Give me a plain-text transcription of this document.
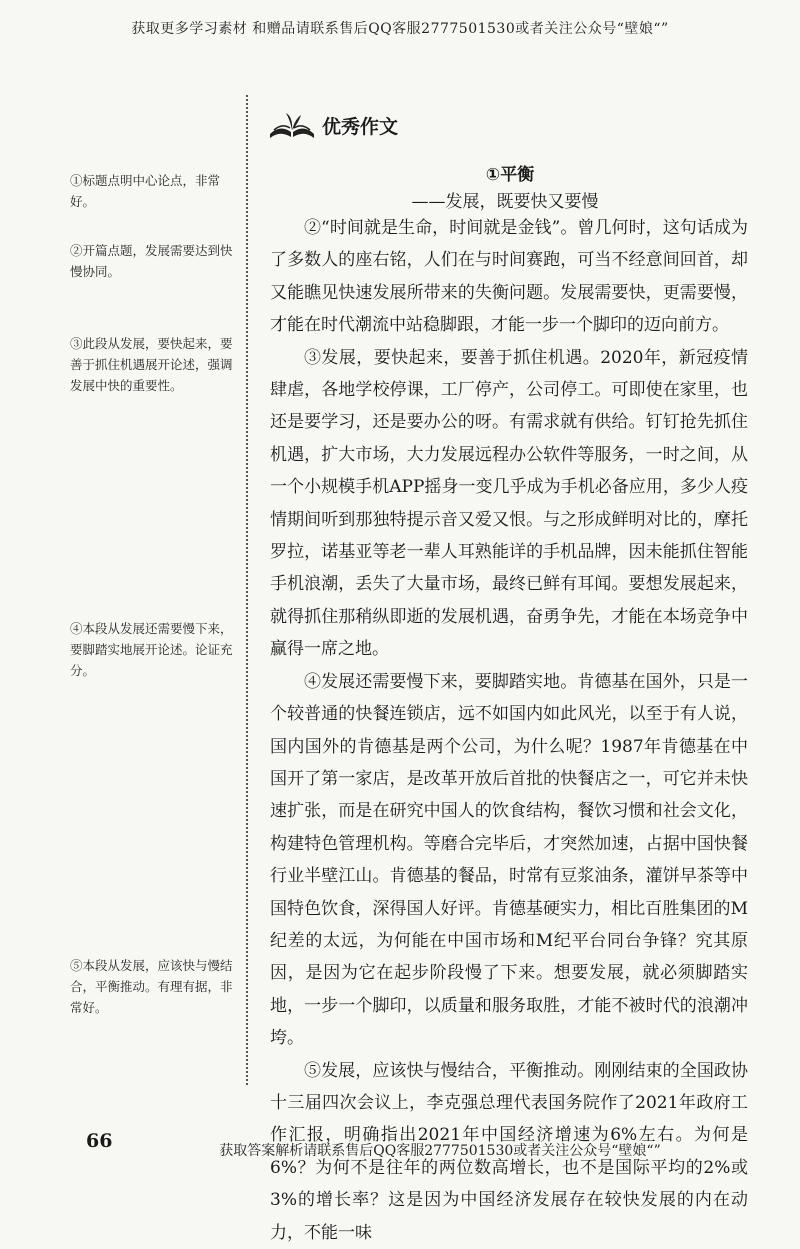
获取更多学习素材 和赠品请联系售后QQ客服2777501530或者关注公众号“壁娘“”
优秀作文
①标题点明中心论点，非常好。
②开篇点题，发展需要达到快慢协同。
③此段从发展，要快起来，要善于抓住机遇展开论述，强调发展中快的重要性。
④本段从发展还需要慢下来，要脚踏实地展开论述。论证充分。
⑤本段从发展，应该快与慢结合，平衡推动。有理有据，非常好。
①平衡
——发展，既要快又要慢

②“时间就是生命，时间就是金钱”。曾几何时，这句话成为了多数人的座右铭，人们在与时间赛跑，可当不经意间回首，却又能瞧见快速发展所带来的失衡问题。发展需要快，更需要慢，才能在时代潮流中站稳脚跟，才能一步一个脚印的迈向前方。

③发展，要快起来，要善于抓住机遇。2020年，新冠疫情肆虐，各地学校停课，工厂停产，公司停工。可即使在家里，也还是要学习，还是要办公的呀。有需求就有供给。钉钉抢先抓住机遇，扩大市场，大力发展远程办公软件等服务，一时之间，从一个小规模手机APP摇身一变几乎成为手机必备应用，多少人疫情期间听到那独特提示音又爱又恨。与之形成鲜明对比的，摩托罗拉，诺基亚等老一辈人耳熟能详的手机品牌，因未能抓住智能手机浪潮，丢失了大量市场，最终已鲜有耳闻。要想发展起来，就得抓住那稍纵即逝的发展机遇，奋勇争先，才能在本场竞争中赢得一席之地。

④发展还需要慢下来，要脚踏实地。肯德基在国外，只是一个较普通的快餐连锁店，远不如国内如此风光，以至于有人说，国内国外的肯德基是两个公司，为什么呢？1987年肯德基在中国开了第一家店，是改革开放后首批的快餐店之一，可它并未快速扩张，而是在研究中国人的饮食结构，餐饮习惯和社会文化，构建特色管理机构。等磨合完毕后，才突然加速，占据中国快餐行业半壁江山。肯德基的餐品，时常有豆浆油条，灌饼早茶等中国特色饮食，深得国人好评。肯德基硬实力，相比百胜集团的M纪差的太远，为何能在中国市场和M纪平台同台争锋？究其原因，是因为它在起步阶段慢了下来。想要发展，就必须脚踏实地，一步一个脚印，以质量和服务取胜，才能不被时代的浪潮冲垮。

⑤发展，应该快与慢结合，平衡推动。刚刚结束的全国政协十三届四次会议上，李克强总理代表国务院作了2021年政府工作汇报，明确指出2021年中国经济增速为6%左右。为何是6%？为何不是往年的两位数高增长，也不是国际平均的2%或3%的增长率？这是因为中国经济发展存在较快发展的内在动力，不能一味

66	获取答案解析请联系售后QQ客服2777501530或者关注公众号“壁娘“”
